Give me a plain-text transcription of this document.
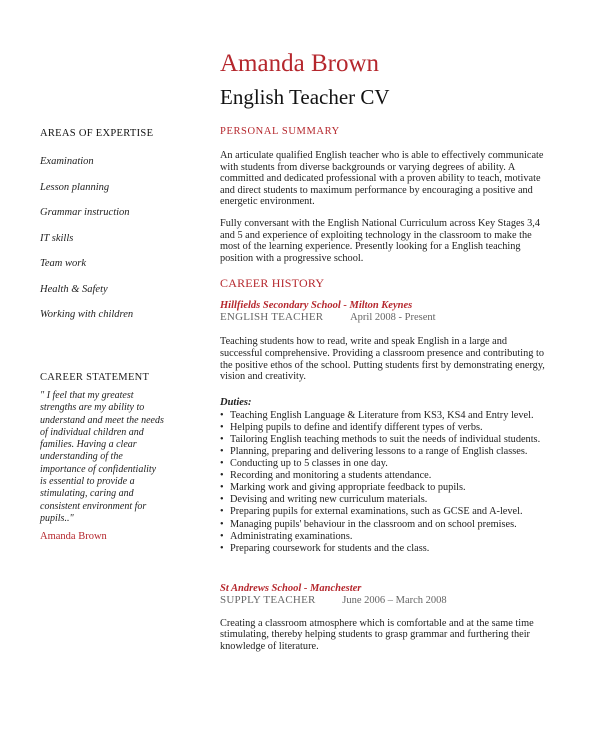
Amanda Brown
English Teacher CV
AREAS OF EXPERTISE
Examination
Lesson planning
Grammar instruction
IT skills
Team work
Health & Safety
Working with children
CAREER STATEMENT
" I feel that my greatest
strengths are my ability to
understand and meet the needs
of individual children and
families. Having a clear
understanding of the
importance of confidentiality
is essential to provide a
stimulating, caring and
consistent environment for
pupils.."
Amanda Brown
PERSONAL SUMMARY
An articulate qualified English teacher who is able to effectively communicate
with students from diverse backgrounds or varying degrees of ability. A
committed and dedicated professional with a proven ability to teach, motivate
and direct students to maximum performance by encouraging a positive and
energetic environment.
Fully conversant with the English National Curriculum across Key Stages 3,4
and 5 and experience of exploiting technology in the classroom to make the
most of the learning experience. Presently looking for a English teaching
position with a progressive school.
CAREER HISTORY
Hillfields Secondary School - Milton Keynes
ENGLISH TEACHER	April 2008 - Present
Teaching students how to read, write and speak English in a large and
successful comprehensive. Providing a classroom presence and contributing to
the positive ethos of the school. Putting students first by demonstrating energy,
vision and creativity.
Duties:
• Teaching English Language & Literature from KS3, KS4 and Entry level.
• Helping pupils to define and identify different types of verbs.
• Tailoring English teaching methods to suit the needs of individual students.
• Planning, preparing and delivering lessons to a range of English classes.
• Conducting up to 5 classes in one day.
• Recording and monitoring a students attendance.
• Marking work and giving appropriate feedback to pupils.
• Devising and writing new curriculum materials.
• Preparing pupils for external examinations, such as GCSE and A-level.
• Managing pupils' behaviour in the classroom and on school premises.
• Administrating examinations.
• Preparing coursework for students and the class.
St Andrews School - Manchester
SUPPLY TEACHER	June 2006 – March 2008
Creating a classroom atmosphere which is comfortable and at the same time
stimulating, thereby helping students to grasp grammar and furthering their
knowledge of literature.
